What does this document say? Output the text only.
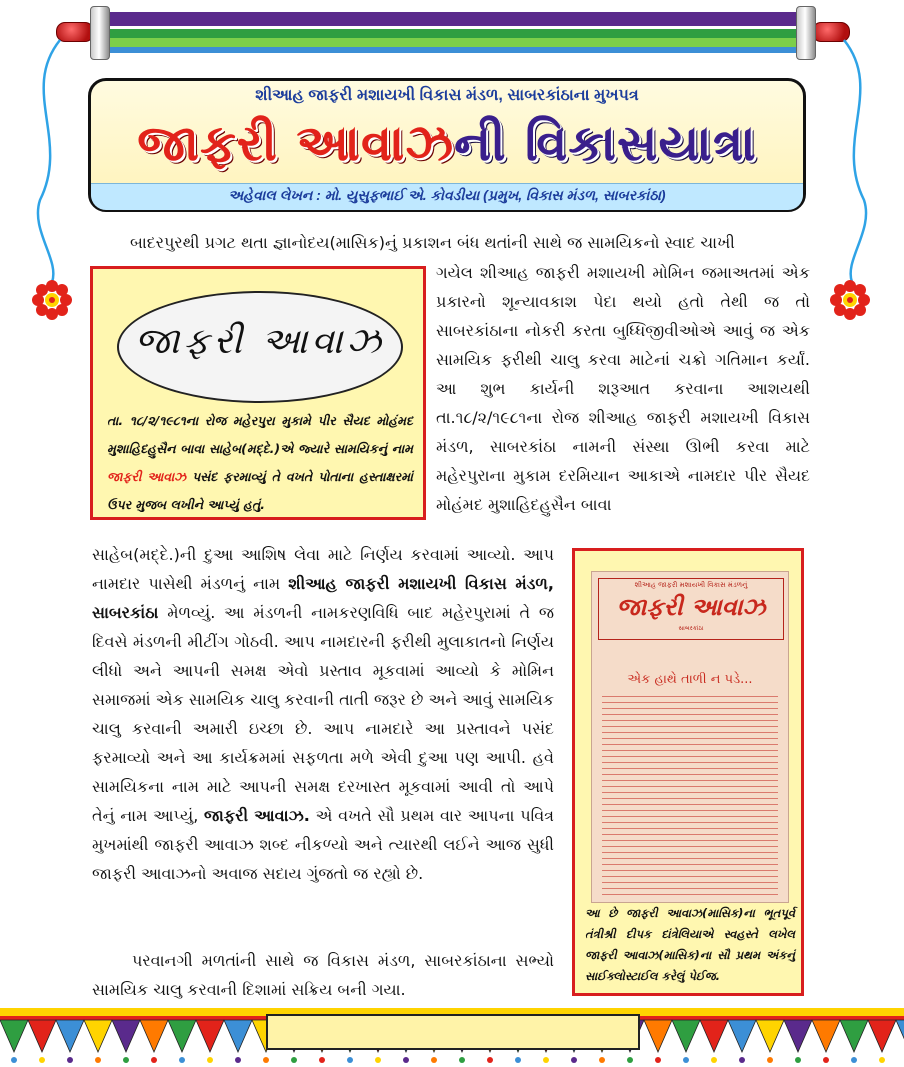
શીઆહ જાફરી મશાયખી વિકાસ મંડળ, સાબરકાંઠાના મુખપત્ર
જાફરી આવાઝની વિકાસયાત્રા
અહેવાલ લેખન : મો. યુસુફભાઈ એ. કોવડીયા (પ્રમુખ, વિકાસ મંડળ, સાબરકાંઠા)
બાદરપુરથી પ્રગટ થતા જ્ઞાનોદય(માસિક)નું પ્રકાશન બંધ થતાંની સાથે જ સામયિકનો સ્વાદ ચાખી
ગયેલ શીઆહ જાફરી મશાયખી મોમિન જમાઅતમાં એક પ્રકારનો શૂન્યાવકાશ પેદા થયો હતો તેથી જ તો સાબરકાંઠાના નોકરી કરતા બુધ્ધિજીવીઓએ આવું જ એક સામયિક ફરીથી ચાલુ કરવા માટેનાં ચક્રો ગતિમાન કર્યાં. આ શુભ કાર્યની શરૂઆત કરવાના આશયથી તા.૧૮/૨/૧૯૮૧ના રોજ શીઆહ જાફરી મશાયખી વિકાસ મંડળ, સાબરકાંઠા નામની સંસ્થા ઊભી કરવા માટે મહેરપુરાના મુકામ દરમિયાન આકાએ નામદાર પીર સૈયદ મોહંમદ મુશાહિદહુસૈન બાવા
સાહેબ(મદ્દે.)ની દુઆ આશિષ લેવા માટે નિર્ણય કરવામાં આવ્યો. આપ નામદાર પાસેથી મંડળનું નામ શીઆહ જાફરી મશાયખી વિકાસ મંડળ, સાબરકાંઠા મેળવ્યું. આ મંડળની નામકરણવિધિ બાદ મહેરપુરામાં તે જ દિવસે મંડળની મીટીંગ ગોઠવી. આપ નામદારની ફરીથી મુલાકાતનો નિર્ણય લીધો અને આપની સમક્ષ એવો પ્રસ્તાવ મૂકવામાં આવ્યો કે મોમિન સમાજમાં એક સામયિક ચાલુ કરવાની તાતી જરૂર છે અને આવું સામયિક ચાલુ કરવાની અમારી ઇચ્છા છે. આપ નામદારે આ પ્રસ્તાવને પસંદ ફરમાવ્યો અને આ કાર્યક્રમમાં સફળતા મળે એવી દુઆ પણ આપી. હવે સામયિકના નામ માટે આપની સમક્ષ દરખાસ્ત મૂકવામાં આવી તો આપે તેનું નામ આપ્યું, જાફરી આવાઝ. એ વખતે સૌ પ્રથમ વાર આપના પવિત્ર મુખમાંથી જાફરી આવાઝ શબ્દ નીકળ્યો અને ત્યારથી લઈને આજ સુધી જાફરી આવાઝનો અવાજ સદાય ગુંજતો જ રહ્યો છે.
પરવાનગી મળતાંની સાથે જ વિકાસ મંડળ, સાબરકાંઠાના સભ્યો સામયિક ચાલુ કરવાની દિશામાં સક્રિય બની ગયા.
જાફરી આવાઝ
તા. ૧૮/૨/૧૯૮૧ના રોજ મહેરપુરા મુકામે પીર સૈયદ મોહંમદ મુશાહિદહુસૈન બાવા સાહેબ(મદ્દે.)એ જ્યારે સામયિકનું નામ જાફરી આવાઝ પસંદ ફરમાવ્યું તે વખતે પોતાના હસ્તાક્ષરમાં ઉપર મુજબ લખીને આપ્યું હતું.
શીઆહ જાફરી મશાયખી વિકાસ મંડળનું
જાફરી આવાઝ
સાબરકાંઠા
એક હાથે તાળી ન પડે...
આ છે જાફરી આવાઝ(માસિક)ના ભૂતપૂર્વ તંત્રીશ્રી દીપક દાંત્રેલિયાએ સ્વહસ્તે લખેલ જાફરી આવાઝ(માસિક)ના સૌ પ્રથમ અંકનું સાઈક્લોસ્ટાઈલ કરેલું પેઈજ.
